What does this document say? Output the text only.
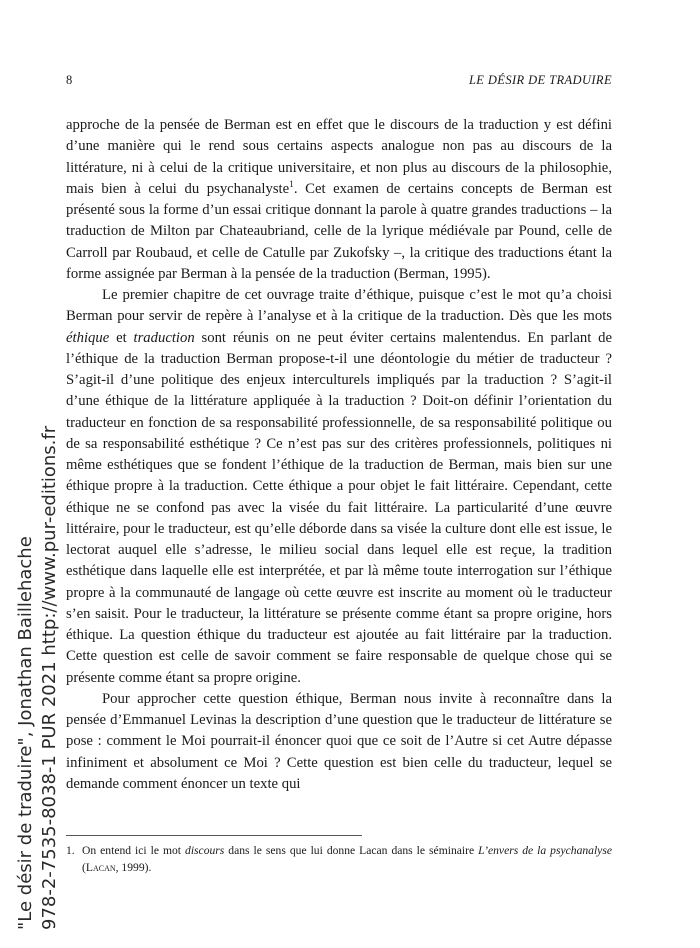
8	LE DÉSIR DE TRADUIRE

approche de la pensée de Berman est en effet que le discours de la traduction y est défini d’une manière qui le rend sous certains aspects analogue non pas au discours de la littérature, ni à celui de la critique universitaire, et non plus au discours de la philosophie, mais bien à celui du psychanalyste$^1$. Cet examen de certains concepts de Berman est présenté sous la forme d’un essai critique donnant la parole à quatre grandes traductions – la traduction de Milton par Chateaubriand, celle de la lyrique médiévale par Pound, celle de Carroll par Roubaud, et celle de Catulle par Zukofsky –, la critique des traductions étant la forme assignée par Berman à la pensée de la traduction (Berman, 1995).

Le premier chapitre de cet ouvrage traite d’éthique, puisque c’est le mot qu’a choisi Berman pour servir de repère à l’analyse et à la critique de la traduction. Dès que les mots éthique et traduction sont réunis on ne peut éviter certains malentendus. En parlant de l’éthique de la traduction Berman propose-t-il une déontologie du métier de traducteur ? S’agit-il d’une politique des enjeux interculturels impliqués par la traduction ? S’agit-il d’une éthique de la littérature appliquée à la traduction ? Doit-on définir l’orientation du traducteur en fonction de sa responsabilité professionnelle, de sa responsabilité politique ou de sa responsabilité esthétique ? Ce n’est pas sur des critères professionnels, politiques ni même esthétiques que se fondent l’éthique de la traduction de Berman, mais bien sur une éthique propre à la traduction. Cette éthique a pour objet le fait littéraire. Cependant, cette éthique ne se confond pas avec la visée du fait littéraire. La particularité d’une œuvre littéraire, pour le traducteur, est qu’elle déborde dans sa visée la culture dont elle est issue, le lectorat auquel elle s’adresse, le milieu social dans lequel elle est reçue, la tradition esthétique dans laquelle elle est interprétée, et par là même toute interrogation sur l’éthique propre à la communauté de langage où cette œuvre est inscrite au moment où le traducteur s’en saisit. Pour le traducteur, la littérature se présente comme étant sa propre origine, hors éthique. La question éthique du traducteur est ajoutée au fait littéraire par la traduction. Cette question est celle de savoir comment se faire responsable de quelque chose qui se présente comme étant sa propre origine.

Pour approcher cette question éthique, Berman nous invite à reconnaître dans la pensée d’Emmanuel Levinas la description d’une question que le traducteur de littérature se pose : comment le Moi pourrait-il énoncer quoi que ce soit de l’Autre si cet Autre dépasse infiniment et absolument ce Moi ? Cette question est bien celle du traducteur, lequel se demande comment énoncer un texte qui

1. On entend ici le mot discours dans le sens que lui donne Lacan dans le séminaire L’envers de la psychanalyse (Lacan, 1999).
"Le désir de traduire", Jonathan Baillehache 978-2-7535-8038-1 PUR 2021 http://www.pur-editions.fr
